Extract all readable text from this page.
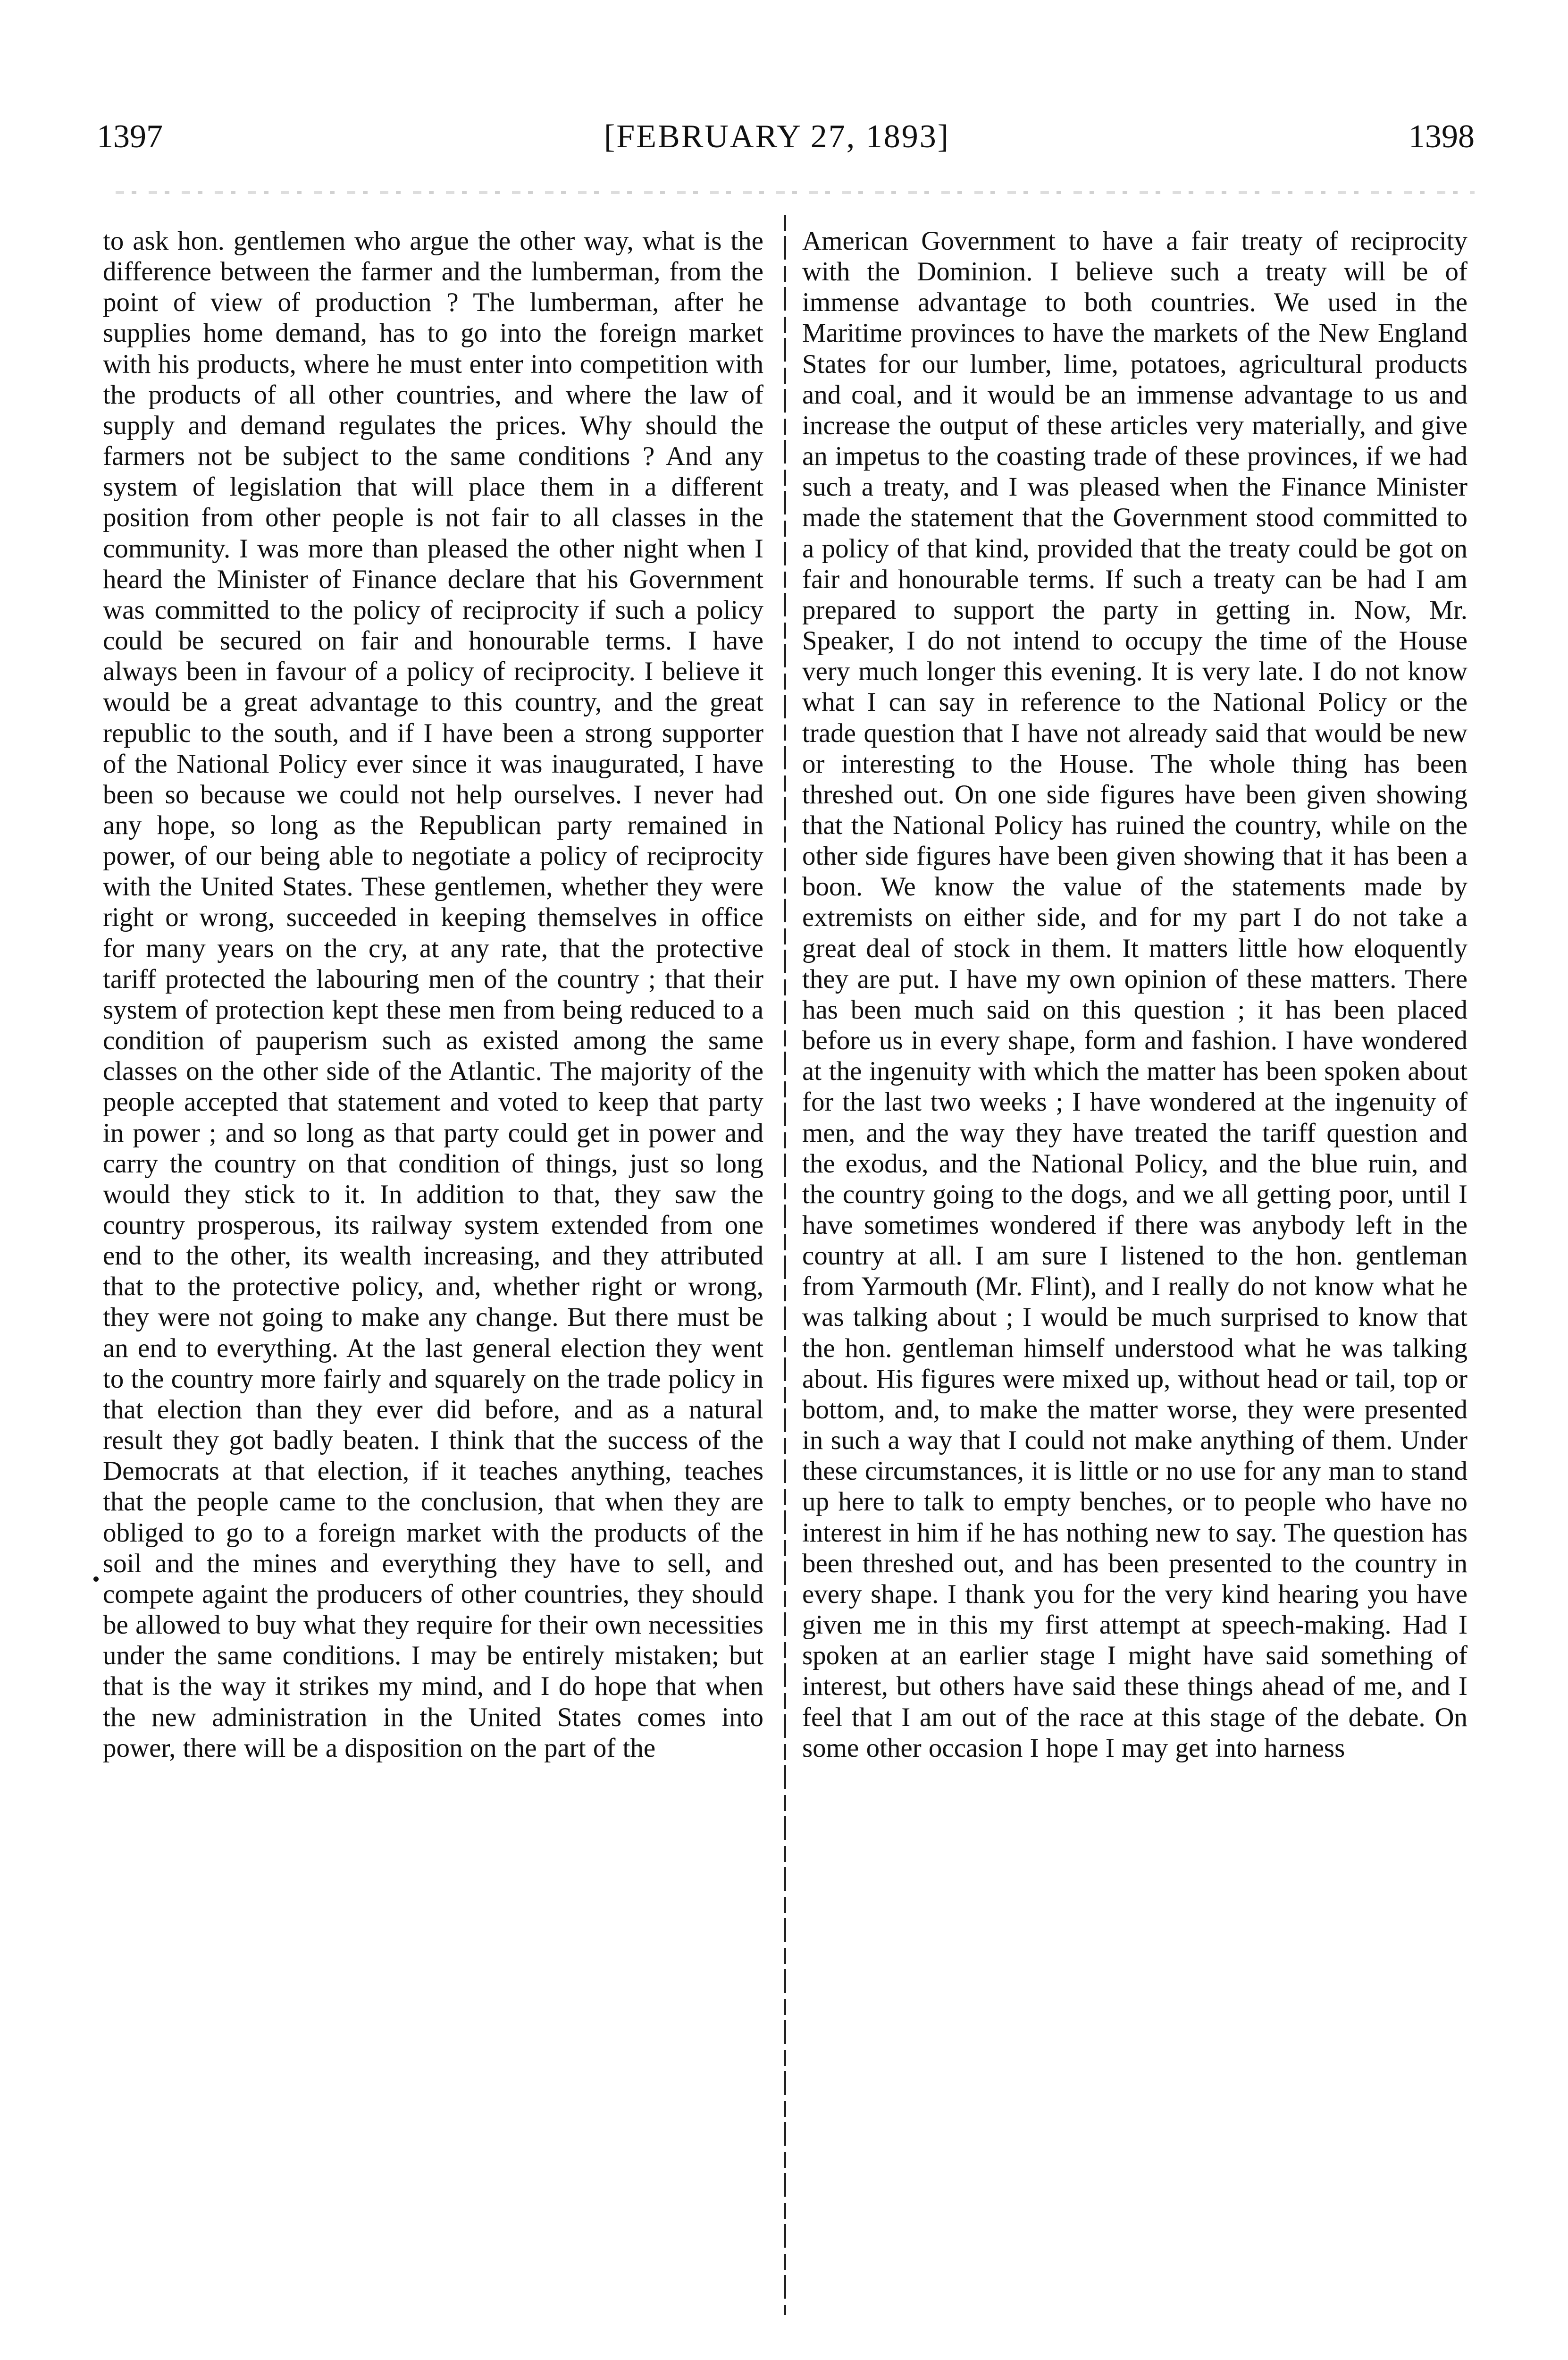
1397	[FEBRUARY 27, 1893]	1398

to ask hon. gentlemen who argue the other way, what is the difference between the farmer and the lumberman, from the point of view of production ? The lumberman, after he supplies home demand, has to go into the foreign market with his products, where he must enter into competition with the products of all other countries, and where the law of supply and demand regulates the prices. Why should the farmers not be subject to the same conditions ? And any system of legislation that will place them in a different position from other people is not fair to all classes in the community. I was more than pleased the other night when I heard the Minister of Finance declare that his Government was committed to the policy of reciprocity if such a policy could be secured on fair and honourable terms. I have always been in favour of a policy of reciprocity. I believe it would be a great advantage to this country, and the great republic to the south, and if I have been a strong supporter of the National Policy ever since it was inaugurated, I have been so because we could not help ourselves. I never had any hope, so long as the Republican party remained in power, of our being able to negotiate a policy of reciprocity with the United States. These gentlemen, whether they were right or wrong, succeeded in keeping themselves in office for many years on the cry, at any rate, that the protective tariff protected the labouring men of the country ; that their system of protection kept these men from being reduced to a condition of pauperism such as existed among the same classes on the other side of the Atlantic. The majority of the people accepted that statement and voted to keep that party in power ; and so long as that party could get in power and carry the country on that condition of things, just so long would they stick to it. In addition to that, they saw the country prosperous, its railway system extended from one end to the other, its wealth increasing, and they attributed that to the protective policy, and, whether right or wrong, they were not going to make any change. But there must be an end to everything. At the last general election they went to the country more fairly and squarely on the trade policy in that election than they ever did before, and as a natural result they got badly beaten. I think that the success of the Democrats at that election, if it teaches anything, teaches that the people came to the conclusion, that when they are obliged to go to a foreign market with the products of the soil and the mines and everything they have to sell, and compete againt the producers of other countries, they should be allowed to buy what they require for their own necessities under the same conditions. I may be entirely mistaken; but that is the way it strikes my mind, and I do hope that when the new administration in the United States comes into power, there will be a disposition on the part of the

American Government to have a fair treaty of reciprocity with the Dominion. I believe such a treaty will be of immense advantage to both countries. We used in the Maritime provinces to have the markets of the New England States for our lumber, lime, potatoes, agricultural products and coal, and it would be an immense advantage to us and increase the output of these articles very materially, and give an impetus to the coasting trade of these provinces, if we had such a treaty, and I was pleased when the Finance Minister made the statement that the Government stood committed to a policy of that kind, provided that the treaty could be got on fair and honourable terms. If such a treaty can be had I am prepared to support the party in getting in. Now, Mr. Speaker, I do not intend to occupy the time of the House very much longer this evening. It is very late. I do not know what I can say in reference to the National Policy or the trade question that I have not already said that would be new or interesting to the House. The whole thing has been threshed out. On one side figures have been given showing that the National Policy has ruined the country, while on the other side figures have been given showing that it has been a boon. We know the value of the statements made by extremists on either side, and for my part I do not take a great deal of stock in them. It matters little how eloquently they are put. I have my own opinion of these matters. There has been much said on this question ; it has been placed before us in every shape, form and fashion. I have wondered at the ingenuity with which the matter has been spoken about for the last two weeks ; I have wondered at the ingenuity of men, and the way they have treated the tariff question and the exodus, and the National Policy, and the blue ruin, and the country going to the dogs, and we all getting poor, until I have sometimes wondered if there was anybody left in the country at all. I am sure I listened to the hon. gentleman from Yarmouth (Mr. Flint), and I really do not know what he was talking about ; I would be much surprised to know that the hon. gentleman himself understood what he was talking about. His figures were mixed up, without head or tail, top or bottom, and, to make the matter worse, they were presented in such a way that I could not make anything of them. Under these circumstances, it is little or no use for any man to stand up here to talk to empty benches, or to people who have no interest in him if he has nothing new to say. The question has been threshed out, and has been presented to the country in every shape. I thank you for the very kind hearing you have given me in this my first attempt at speech-making. Had I spoken at an earlier stage I might have said something of interest, but others have said these things ahead of me, and I feel that I am out of the race at this stage of the debate. On some other occasion I hope I may get into harness
